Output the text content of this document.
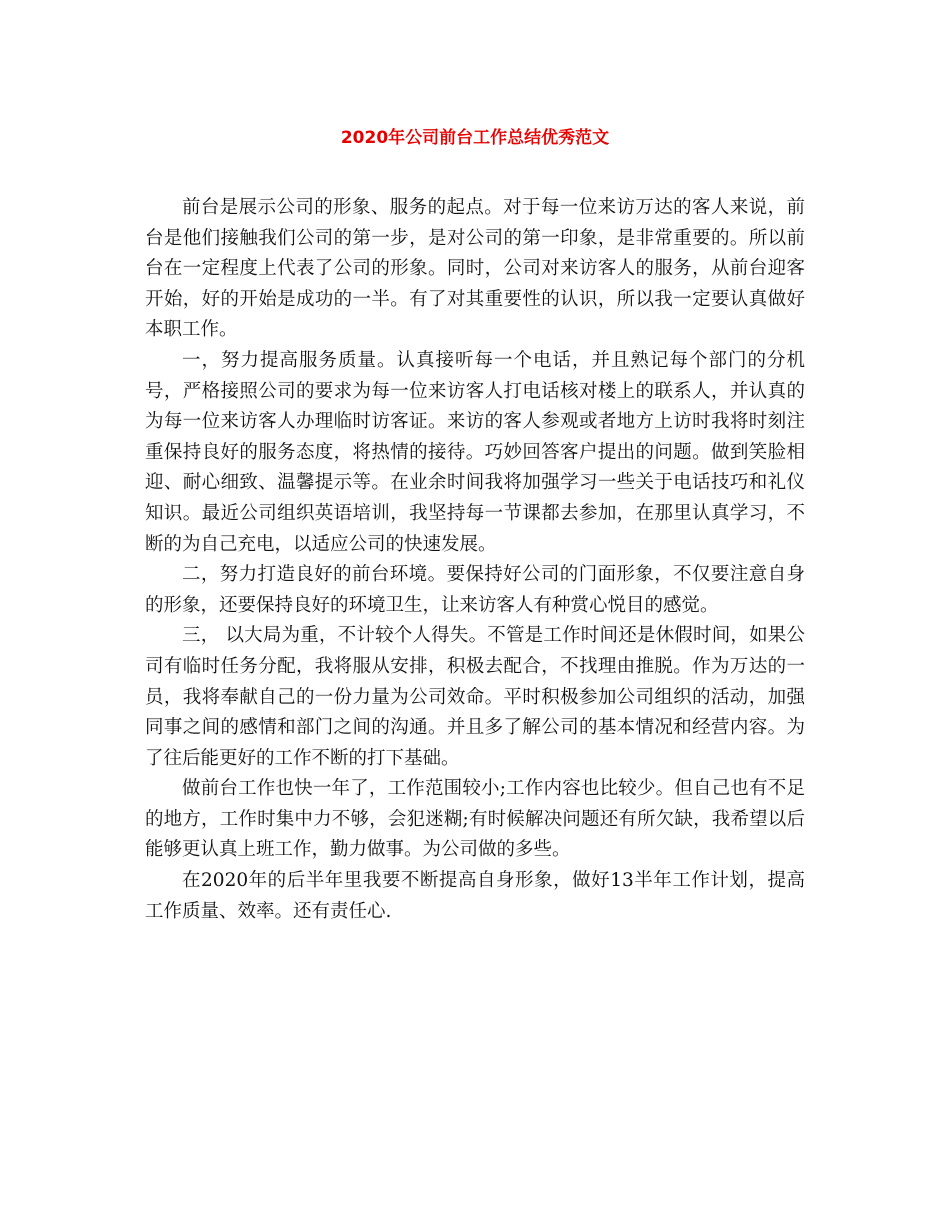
2020年公司前台工作总结优秀范文

前台是展示公司的形象、服务的起点。对于每一位来访万达的客人来说，前台是他们接触我们公司的第一步，是对公司的第一印象，是非常重要的。所以前台在一定程度上代表了公司的形象。同时，公司对来访客人的服务，从前台迎客开始，好的开始是成功的一半。有了对其重要性的认识，所以我一定要认真做好本职工作。

一，努力提高服务质量。认真接听每一个电话，并且熟记每个部门的分机号，严格接照公司的要求为每一位来访客人打电话核对楼上的联系人，并认真的为每一位来访客人办理临时访客证。来访的客人参观或者地方上访时我将时刻注重保持良好的服务态度，将热情的接待。巧妙回答客户提出的问题。做到笑脸相迎、耐心细致、温馨提示等。在业余时间我将加强学习一些关于电话技巧和礼仪知识。最近公司组织英语培训，我坚持每一节课都去参加，在那里认真学习，不断的为自己充电，以适应公司的快速发展。

二，努力打造良好的前台环境。要保持好公司的门面形象，不仅要注意自身的形象，还要保持良好的环境卫生，让来访客人有种赏心悦目的感觉。

三， 以大局为重，不计较个人得失。不管是工作时间还是休假时间，如果公司有临时任务分配，我将服从安排，积极去配合，不找理由推脱。作为万达的一员，我将奉献自己的一份力量为公司效命。平时积极参加公司组织的活动，加强同事之间的感情和部门之间的沟通。并且多了解公司的基本情况和经营内容。为了往后能更好的工作不断的打下基础。

做前台工作也快一年了，工作范围较小;工作内容也比较少。但自己也有不足的地方，工作时集中力不够，会犯迷糊;有时候解决问题还有所欠缺，我希望以后能够更认真上班工作，勤力做事。为公司做的多些。

在2020年的后半年里我要不断提高自身形象，做好13半年工作计划，提高工作质量、效率。还有责任心.
